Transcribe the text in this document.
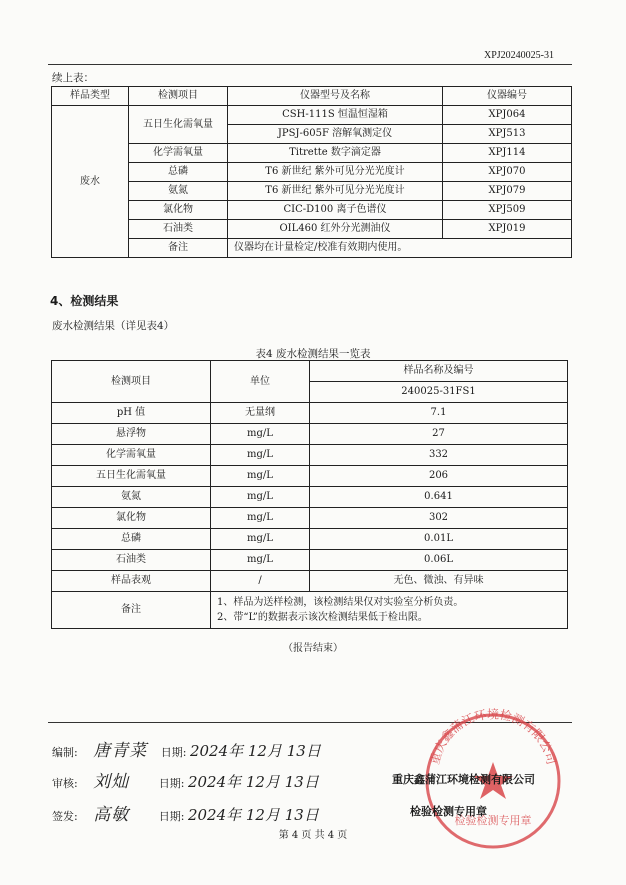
XPJ20240025-31
续上表：
样品类型	检测项目	仪器型号及名称	仪器编号
废水	五日生化需氧量	CSH-111S 恒温恒湿箱	XPJ064
		JPSJ-605F 溶解氧测定仪	XPJ513
	化学需氧量	Titrette 数字滴定器	XPJ114
	总磷	T6 新世纪 紫外可见分光光度计	XPJ070
	氨氮	T6 新世纪 紫外可见分光光度计	XPJ079
	氯化物	CIC-D100 离子色谱仪	XPJ509
	石油类	OIL460 红外分光测油仪	XPJ019
	备注	仪器均在计量检定/校准有效期内使用。	
4、检测结果
废水检测结果（详见表4）
表4 废水检测结果一览表
检测项目	单位	样品名称及编号
		240025-31FS1
pH 值	无量纲	7.1
悬浮物	mg/L	27
化学需氧量	mg/L	332
五日生化需氧量	mg/L	206
氨氮	mg/L	0.641
氯化物	mg/L	302
总磷	mg/L	0.01L
石油类	mg/L	0.06L
样品表观	/	无色、微浊、有异味
备注	1、样品为送样检测，该检测结果仅对实验室分析负责。
2、带“L”的数据表示该次检测结果低于检出限。	
（报告结束）
重庆鑫蒲江环境检测有限公司
检验检测专用章
编制: 唐青菜 日期: 2024年 12月 13日
审核: 刘灿	日期: 2024年 12月 13日
签发: 高敏	日期: 2024年 12月 13日
重庆鑫蒲江环境检测有限公司
检验检测专用章
第 4 页 共 4 页
